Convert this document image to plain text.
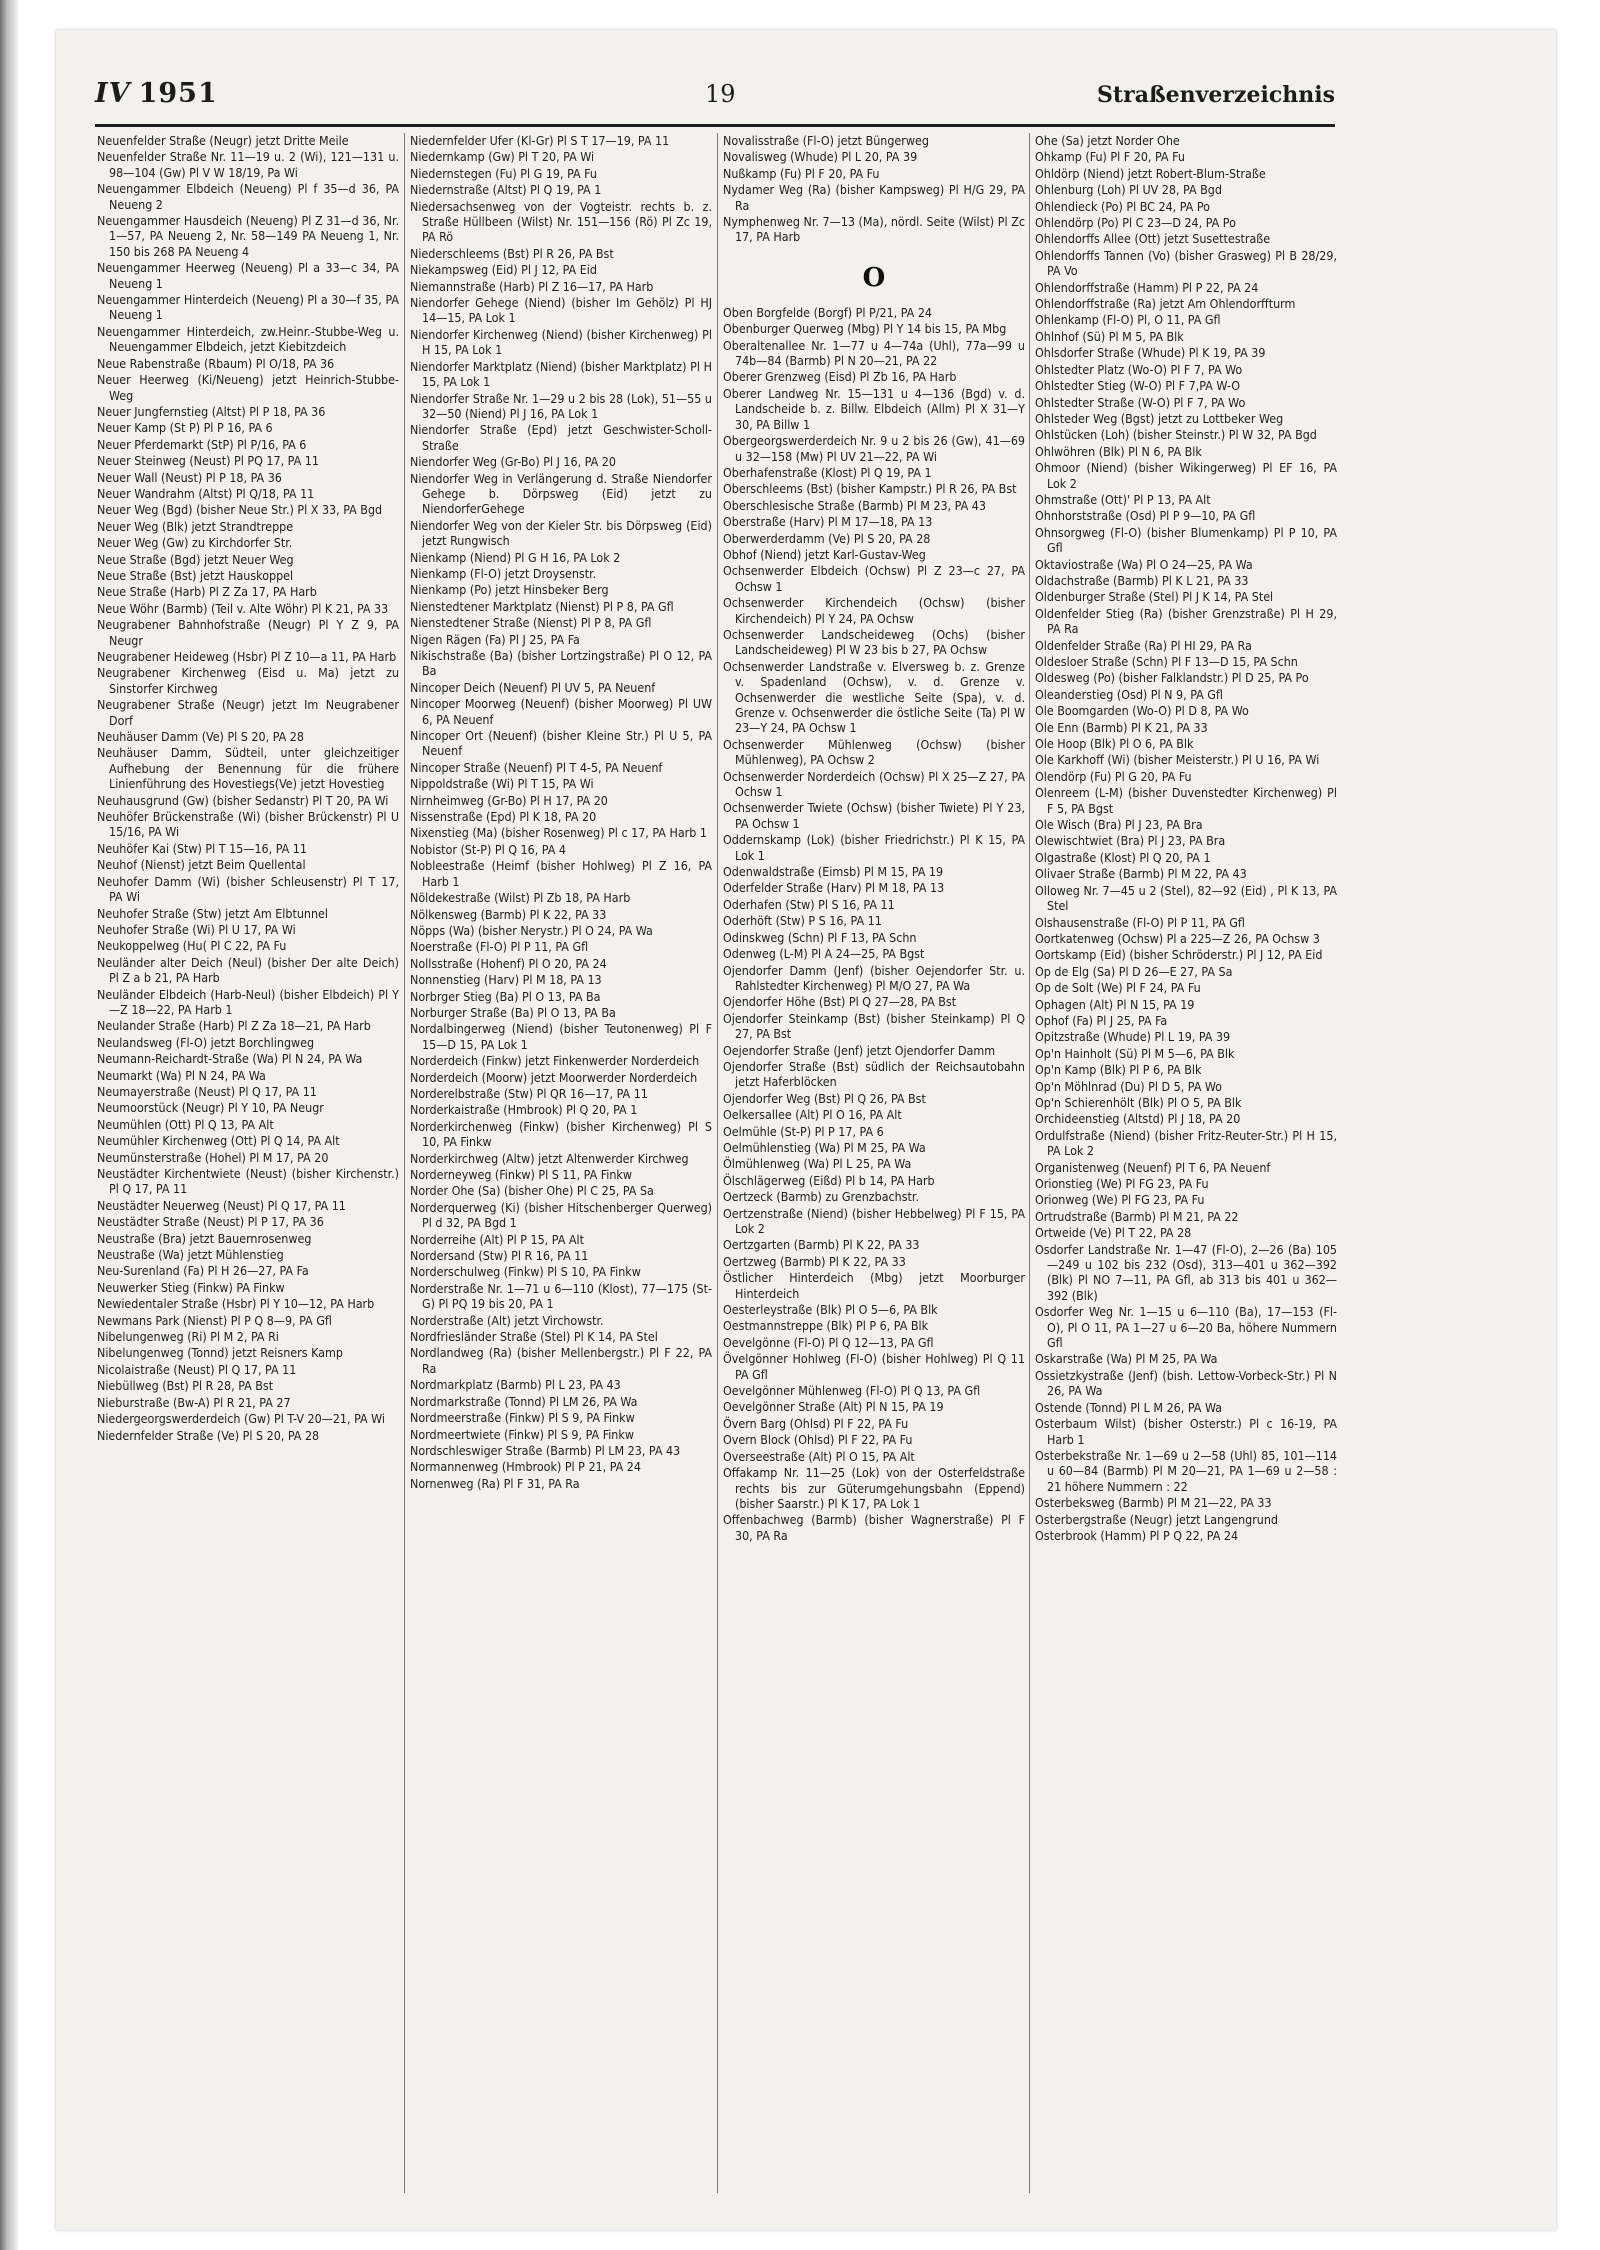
IV 1951	19	Straßenverzeichnis
Neuenfelder Straße (Neugr) jetzt Dritte Meile
Neuenfelder Straße Nr. 11—19 u. 2 (Wi), 121—131 u. 98—104 (Gw) Pl V W 18/19, Pa Wi
Neuengammer Elbdeich (Neueng) Pl f 35—d 36, PA Neueng 2
Neuengammer Hausdeich (Neueng) Pl Z 31—d 36, Nr. 1—57, PA Neueng 2, Nr. 58—149 PA Neueng 1, Nr. 150 bis 268 PA Neueng 4
Neuengammer Heerweg (Neueng) Pl a 33—c 34, PA Neueng 1
Neuengammer Hinterdeich (Neueng) Pl a 30—f 35, PA Neueng 1
Neuengammer Hinterdeich, zw.Heinr.-Stubbe-Weg u. Neuengammer Elbdeich, jetzt Kiebitzdeich
Neue Rabenstraße (Rbaum) Pl O/18, PA 36
Neuer Heerweg (Ki/Neueng) jetzt Heinrich-Stubbe-Weg
Neuer Jungfernstieg (Altst) Pl P 18, PA 36
Neuer Kamp (St P) Pl P 16, PA 6
Neuer Pferdemarkt (StP) Pl P/16, PA 6
Neuer Steinweg (Neust) Pl PQ 17, PA 11
Neuer Wall (Neust) Pl P 18, PA 36
Neuer Wandrahm (Altst) Pl Q/18, PA 11
Neuer Weg (Bgd) (bisher Neue Str.) Pl X 33, PA Bgd
Neuer Weg (Blk) jetzt Strandtreppe
Neuer Weg (Gw) zu Kirchdorfer Str.
Neue Straße (Bgd) jetzt Neuer Weg
Neue Straße (Bst) jetzt Hauskoppel
Neue Straße (Harb) Pl Z Za 17, PA Harb
Neue Wöhr (Barmb) (Teil v. Alte Wöhr) Pl K 21, PA 33
Neugrabener Bahnhofstraße (Neugr) Pl Y Z 9, PA Neugr
Neugrabener Heideweg (Hsbr) Pl Z 10—a 11, PA Harb
Neugrabener Kirchenweg (Eisd u. Ma) jetzt zu Sinstorfer Kirchweg
Neugrabener Straße (Neugr) jetzt Im Neugrabener Dorf
Neuhäuser Damm (Ve) Pl S 20, PA 28
Neuhäuser Damm, Südteil, unter gleichzeitiger Aufhebung der Benennung für die frühere Linienführung des Hovestiegs(Ve) jetzt Hovestieg
Neuhausgrund (Gw) (bisher Sedanstr) Pl T 20, PA Wi
Neuhöfer Brückenstraße (Wi) (bisher Brückenstr) Pl U 15/16, PA Wi
Neuhöfer Kai (Stw) Pl T 15—16, PA 11
Neuhof (Nienst) jetzt Beim Quellental
Neuhofer Damm (Wi) (bisher Schleusenstr) Pl T 17, PA Wi
Neuhofer Straße (Stw) jetzt Am Elbtunnel
Neuhofer Straße (Wi) Pl U 17, PA Wi
Neukoppelweg (Hu( Pl C 22, PA Fu
Neuländer alter Deich (Neul) (bisher Der alte Deich) Pl Z a b 21, PA Harb
Neuländer Elbdeich (Harb-Neul) (bisher Elbdeich) Pl Y—Z 18—22, PA Harb 1
Neulander Straße (Harb) Pl Z Za 18—21, PA Harb
Neulandsweg (Fl-O) jetzt Borchlingweg
Neumann-Reichardt-Straße (Wa) Pl N 24, PA Wa
Neumarkt (Wa) Pl N 24, PA Wa
Neumayerstraße (Neust) Pl Q 17, PA 11
Neumoorstück (Neugr) Pl Y 10, PA Neugr
Neumühlen (Ott) Pl Q 13, PA Alt
Neumühler Kirchenweg (Ott) Pl Q 14, PA Alt
Neumünsterstraße (Hohel) Pl M 17, PA 20
Neustädter Kirchentwiete (Neust) (bisher Kirchenstr.) Pl Q 17, PA 11
Neustädter Neuerweg (Neust) Pl Q 17, PA 11
Neustädter Straße (Neust) Pl P 17, PA 36
Neustraße (Bra) jetzt Bauernrosenweg
Neustraße (Wa) jetzt Mühlenstieg
Neu-Surenland (Fa) Pl H 26—27, PA Fa
Neuwerker Stieg (Finkw) PA Finkw
Newiedentaler Straße (Hsbr) Pl Y 10—12, PA Harb
Newmans Park (Nienst) Pl P Q 8—9, PA Gfl
Nibelungenweg (Ri) Pl M 2, PA Ri
Nibelungenweg (Tonnd) jetzt Reisners Kamp
Nicolaistraße (Neust) Pl Q 17, PA 11
Niebüllweg (Bst) Pl R 28, PA Bst
Nieburstraße (Bw-A) Pl R 21, PA 27
Niedergeorgswerderdeich (Gw) Pl T-V 20—21, PA Wi
Niedernfelder Straße (Ve) Pl S 20, PA 28
Niedernfelder Ufer (Kl-Gr) Pl S T 17—19, PA 11
Niedernkamp (Gw) Pl T 20, PA Wi
Niedernstegen (Fu) Pl G 19, PA Fu
Niedernstraße (Altst) Pl Q 19, PA 1
Niedersachsenweg von der Vogteistr. rechts b. z. Straße Hüllbeen (Wilst) Nr. 151—156 (Rö) Pl Zc 19, PA Rö
Niederschleems (Bst) Pl R 26, PA Bst
Niekampsweg (Eid) Pl J 12, PA Eid
Niemannstraße (Harb) Pl Z 16—17, PA Harb
Niendorfer Gehege (Niend) (bisher Im Gehölz) Pl HJ 14—15, PA Lok 1
Niendorfer Kirchenweg (Niend) (bisher Kirchenweg) Pl H 15, PA Lok 1
Niendorfer Marktplatz (Niend) (bisher Marktplatz) Pl H 15, PA Lok 1
Niendorfer Straße Nr. 1—29 u 2 bis 28 (Lok), 51—55 u 32—50 (Niend) Pl J 16, PA Lok 1
Niendorfer Straße (Epd) jetzt Geschwister-Scholl-Straße
Niendorfer Weg (Gr-Bo) Pl J 16, PA 20
Niendorfer Weg in Verlängerung d. Straße Niendorfer Gehege b. Dörpsweg (Eid) jetzt zu NiendorferGehege
Niendorfer Weg von der Kieler Str. bis Dörpsweg (Eid) jetzt Rungwisch
Nienkamp (Niend) Pl G H 16, PA Lok 2
Nienkamp (Fl-O) jetzt Droysenstr.
Nienkamp (Po) jetzt Hinsbeker Berg
Nienstedtener Marktplatz (Nienst) Pl P 8, PA Gfl
Nienstedtener Straße (Nienst) Pl P 8, PA Gfl
Nigen Rägen (Fa) Pl J 25, PA Fa
Nikischstraße (Ba) (bisher Lortzingstraße) Pl O 12, PA Ba
Nincoper Deich (Neuenf) Pl UV 5, PA Neuenf
Nincoper Moorweg (Neuenf) (bisher Moorweg) Pl UW 6, PA Neuenf
Nincoper Ort (Neuenf) (bisher Kleine Str.) Pl U 5, PA Neuenf
Nincoper Straße (Neuenf) Pl T 4-5, PA Neuenf
Nippoldstraße (Wi) Pl T 15, PA Wi
Nirnheimweg (Gr-Bo) Pl H 17, PA 20
Nissenstraße (Epd) Pl K 18, PA 20
Nixenstieg (Ma) (bisher Rosenweg) Pl c 17, PA Harb 1
Nobistor (St-P) Pl Q 16, PA 4
Nobleestraße (Heimf (bisher Hohlweg) Pl Z 16, PA Harb 1
Nöldekestraße (Wilst) Pl Zb 18, PA Harb
Nölkensweg (Barmb) Pl K 22, PA 33
Nöpps (Wa) (bisher Nerystr.) Pl O 24, PA Wa
Noerstraße (Fl-O) Pl P 11, PA Gfl
Nollsstraße (Hohenf) Pl O 20, PA 24
Nonnenstieg (Harv) Pl M 18, PA 13
Norbrger Stieg (Ba) Pl O 13, PA Ba
Norburger Straße (Ba) Pl O 13, PA Ba
Nordalbingerweg (Niend) (bisher Teutonenweg) Pl F 15—D 15, PA Lok 1
Norderdeich (Finkw) jetzt Finkenwerder Norderdeich
Norderdeich (Moorw) jetzt Moorwerder Norderdeich
Norderelbstraße (Stw) Pl QR 16—17, PA 11
Norderkaistraße (Hmbrook) Pl Q 20, PA 1
Norderkirchenweg (Finkw) (bisher Kirchenweg) Pl S 10, PA Finkw
Norderkirchweg (Altw) jetzt Altenwerder Kirchweg
Norderneyweg (Finkw) Pl S 11, PA Finkw
Norder Ohe (Sa) (bisher Ohe) Pl C 25, PA Sa
Norderquerweg (Ki) (bisher Hitschenberger Querweg) Pl d 32, PA Bgd 1
Norderreihe (Alt) Pl P 15, PA Alt
Nordersand (Stw) Pl R 16, PA 11
Norderschulweg (Finkw) Pl S 10, PA Finkw
Norderstraße Nr. 1—71 u 6—110 (Klost), 77—175 (St-G) Pl PQ 19 bis 20, PA 1
Norderstraße (Alt) jetzt Virchowstr.
Nordfriesländer Straße (Stel) Pl K 14, PA Stel
Nordlandweg (Ra) (bisher Mellenbergstr.) Pl F 22, PA Ra
Nordmarkplatz (Barmb) Pl L 23, PA 43
Nordmarkstraße (Tonnd) Pl LM 26, PA Wa
Nordmeerstraße (Finkw) Pl S 9, PA Finkw
Nordmeertwiete (Finkw) Pl S 9, PA Finkw
Nordschleswiger Straße (Barmb) Pl LM 23, PA 43
Normannenweg (Hmbrook) Pl P 21, PA 24
Nornenweg (Ra) Pl F 31, PA Ra
Novalisstraße (Fl-O) jetzt Büngerweg
Novalisweg (Whude) Pl L 20, PA 39
Nußkamp (Fu) Pl F 20, PA Fu
Nydamer Weg (Ra) (bisher Kampsweg) Pl H/G 29, PA Ra
Nymphenweg Nr. 7—13 (Ma), nördl. Seite (Wilst) Pl Zc 17, PA Harb
O
Oben Borgfelde (Borgf) Pl P/21, PA 24
Obenburger Querweg (Mbg) Pl Y 14 bis 15, PA Mbg
Oberaltenallee Nr. 1—77 u 4—74a (Uhl), 77a—99 u 74b—84 (Barmb) Pl N 20—21, PA 22
Oberer Grenzweg (Eisd) Pl Zb 16, PA Harb
Oberer Landweg Nr. 15—131 u 4—136 (Bgd) v. d. Landscheide b. z. Billw. Elbdeich (Allm) Pl X 31—Y 30, PA Billw 1
Obergeorgswerderdeich Nr. 9 u 2 bis 26 (Gw), 41—69 u 32—158 (Mw) Pl UV 21—22, PA Wi
Oberhafenstraße (Klost) Pl Q 19, PA 1
Oberschleems (Bst) (bisher Kampstr.) Pl R 26, PA Bst
Oberschlesische Straße (Barmb) Pl M 23, PA 43
Oberstraße (Harv) Pl M 17—18, PA 13
Oberwerderdamm (Ve) Pl S 20, PA 28
Obhof (Niend) jetzt Karl-Gustav-Weg
Ochsenwerder Elbdeich (Ochsw) Pl Z 23—c 27, PA Ochsw 1
Ochsenwerder Kirchendeich (Ochsw) (bisher Kirchendeich) Pl Y 24, PA Ochsw
Ochsenwerder Landscheideweg (Ochs) (bisher Landscheideweg) Pl W 23 bis b 27, PA Ochsw
Ochsenwerder Landstraße v. Elversweg b. z. Grenze v. Spadenland (Ochsw), v. d. Grenze v. Ochsenwerder die westliche Seite (Spa), v. d. Grenze v. Ochsenwerder die östliche Seite (Ta) Pl W 23—Y 24, PA Ochsw 1
Ochsenwerder Mühlenweg (Ochsw) (bisher Mühlenweg), PA Ochsw 2
Ochsenwerder Norderdeich (Ochsw) Pl X 25—Z 27, PA Ochsw 1
Ochsenwerder Twiete (Ochsw) (bisher Twiete) Pl Y 23, PA Ochsw 1
Oddernskamp (Lok) (bisher Friedrichstr.) Pl K 15, PA Lok 1
Odenwaldstraße (Eimsb) Pl M 15, PA 19
Oderfelder Straße (Harv) Pl M 18, PA 13
Oderhafen (Stw) Pl S 16, PA 11
Oderhöft (Stw) P S 16, PA 11
Odinskweg (Schn) Pl F 13, PA Schn
Odenweg (L-M) Pl A 24—25, PA Bgst
Ojendorfer Damm (Jenf) (bisher Oejendorfer Str. u. Rahlstedter Kirchenweg) Pl M/O 27, PA Wa
Ojendorfer Höhe (Bst) Pl Q 27—28, PA Bst
Ojendorfer Steinkamp (Bst) (bisher Steinkamp) Pl Q 27, PA Bst
Oejendorfer Straße (Jenf) jetzt Ojendorfer Damm
Ojendorfer Straße (Bst) südlich der Reichsautobahn jetzt Haferblöcken
Ojendorfer Weg (Bst) Pl Q 26, PA Bst
Oelkersallee (Alt) Pl O 16, PA Alt
Oelmühle (St-P) Pl P 17, PA 6
Oelmühlenstieg (Wa) Pl M 25, PA Wa
Ölmühlenweg (Wa) Pl L 25, PA Wa
Ölschlägerweg (Eißd) Pl b 14, PA Harb
Oertzeck (Barmb) zu Grenzbachstr.
Oertzenstraße (Niend) (bisher Hebbelweg) Pl F 15, PA Lok 2
Oertzgarten (Barmb) Pl K 22, PA 33
Oertzweg (Barmb) Pl K 22, PA 33
Östlicher Hinterdeich (Mbg) jetzt Moorburger Hinterdeich
Oesterleystraße (Blk) Pl O 5—6, PA Blk
Oestmannstreppe (Blk) Pl P 6, PA Blk
Oevelgönne (Fl-O) Pl Q 12—13, PA Gfl
Övelgönner Hohlweg (Fl-O) (bisher Hohlweg) Pl Q 11 PA Gfl
Oevelgönner Mühlenweg (Fl-O) Pl Q 13, PA Gfl
Oevelgönner Straße (Alt) Pl N 15, PA 19
Övern Barg (Ohlsd) Pl F 22, PA Fu
Overn Block (Ohlsd) Pl F 22, PA Fu
Overseestraße (Alt) Pl O 15, PA Alt
Offakamp Nr. 11—25 (Lok) von der Osterfeldstraße rechts bis zur Güterumgehungsbahn (Eppend) (bisher Saarstr.) Pl K 17, PA Lok 1
Offenbachweg (Barmb) (bisher Wagnerstraße) Pl F 30, PA Ra
Ohe (Sa) jetzt Norder Ohe
Ohkamp (Fu) Pl F 20, PA Fu
Ohldörp (Niend) jetzt Robert-Blum-Straße
Ohlenburg (Loh) Pl UV 28, PA Bgd
Ohlendieck (Po) Pl BC 24, PA Po
Ohlendörp (Po) Pl C 23—D 24, PA Po
Ohlendorffs Allee (Ott) jetzt Susettestraße
Ohlendorffs Tannen (Vo) (bisher Grasweg) Pl B 28/29, PA Vo
Ohlendorffstraße (Hamm) Pl P 22, PA 24
Ohlendorffstraße (Ra) jetzt Am Ohlendorffturm
Ohlenkamp (Fl-O) Pl, O 11, PA Gfl
Ohlnhof (Sü) Pl M 5, PA Blk
Ohlsdorfer Straße (Whude) Pl K 19, PA 39
Ohlstedter Platz (Wo-O) Pl F 7, PA Wo
Ohlstedter Stieg (W-O) Pl F 7,PA W-O
Ohlstedter Straße (W-O) Pl F 7, PA Wo
Ohlsteder Weg (Bgst) jetzt zu Lottbeker Weg
Ohlstücken (Loh) (bisher Steinstr.) Pl W 32, PA Bgd
Ohlwöhren (Blk) Pl N 6, PA Blk
Ohmoor (Niend) (bisher Wikingerweg) Pl EF 16, PA Lok 2
Ohmstraße (Ott)' Pl P 13, PA Alt
Ohnhorststraße (Osd) Pl P 9—10, PA Gfl
Ohnsorgweg (Fl-O) (bisher Blumenkamp) Pl P 10, PA Gfl
Oktaviostraße (Wa) Pl O 24—25, PA Wa
Oldachstraße (Barmb) Pl K L 21, PA 33
Oldenburger Straße (Stel) Pl J K 14, PA Stel
Oldenfelder Stieg (Ra) (bisher Grenzstraße) Pl H 29, PA Ra
Oldenfelder Straße (Ra) Pl HI 29, PA Ra
Oldesloer Straße (Schn) Pl F 13—D 15, PA Schn
Oldesweg (Po) (bisher Falklandstr.) Pl D 25, PA Po
Oleanderstieg (Osd) Pl N 9, PA Gfl
Ole Boomgarden (Wo-O) Pl D 8, PA Wo
Ole Enn (Barmb) Pl K 21, PA 33
Ole Hoop (Blk) Pl O 6, PA Blk
Ole Karkhoff (Wi) (bisher Meisterstr.) Pl U 16, PA Wi
Olendörp (Fu) Pl G 20, PA Fu
Olenreem (L-M) (bisher Duvenstedter Kirchenweg) Pl F 5, PA Bgst
Ole Wisch (Bra) Pl J 23, PA Bra
Olewischtwiet (Bra) Pl J 23, PA Bra
Olgastraße (Klost) Pl Q 20, PA 1
Olivaer Straße (Barmb) Pl M 22, PA 43
Olloweg Nr. 7—45 u 2 (Stel), 82—92 (Eid) , Pl K 13, PA Stel
Olshausenstraße (Fl-O) Pl P 11, PA Gfl
Oortkatenweg (Ochsw) Pl a 225—Z 26, PA Ochsw 3
Oortskamp (Eid) (bisher Schröderstr.) Pl J 12, PA Eid
Op de Elg (Sa) Pl D 26—E 27, PA Sa
Op de Solt (We) Pl F 24, PA Fu
Ophagen (Alt) Pl N 15, PA 19
Ophof (Fa) Pl J 25, PA Fa
Opitzstraße (Whude) Pl L 19, PA 39
Op'n Hainholt (Sü) Pl M 5—6, PA Blk
Op'n Kamp (Blk) Pl P 6, PA Blk
Op'n Möhlnrad (Du) Pl D 5, PA Wo
Op'n Schierenhölt (Blk) Pl O 5, PA Blk
Orchideenstieg (Altstd) Pl J 18, PA 20
Ordulfstraße (Niend) (bisher Fritz-Reuter-Str.) Pl H 15, PA Lok 2
Organistenweg (Neuenf) Pl T 6, PA Neuenf
Orionstieg (We) Pl FG 23, PA Fu
Orionweg (We) Pl FG 23, PA Fu
Ortrudstraße (Barmb) Pl M 21, PA 22
Ortweide (Ve) Pl T 22, PA 28
Osdorfer Landstraße Nr. 1—47 (Fl-O), 2—26 (Ba) 105—249 u 102 bis 232 (Osd), 313—401 u 362—392 (Blk) Pl NO 7—11, PA Gfl, ab 313 bis 401 u 362—392 (Blk)
Osdorfer Weg Nr. 1—15 u 6—110 (Ba), 17—153 (Fl-O), Pl O 11, PA 1—27 u 6—20 Ba, höhere Nummern Gfl
Oskarstraße (Wa) Pl M 25, PA Wa
Ossietzkystraße (Jenf) (bish. Lettow-Vorbeck-Str.) Pl N 26, PA Wa
Ostende (Tonnd) Pl L M 26, PA Wa
Osterbaum Wilst) (bisher Osterstr.) Pl c 16-19, PA Harb 1
Osterbekstraße Nr. 1—69 u 2—58 (Uhl) 85, 101—114 u 60—84 (Barmb) Pl M 20—21, PA 1—69 u 2—58 : 21 höhere Nummern : 22
Osterbeksweg (Barmb) Pl M 21—22, PA 33
Osterbergstraße (Neugr) jetzt Langengrund
Osterbrook (Hamm) Pl P Q 22, PA 24
